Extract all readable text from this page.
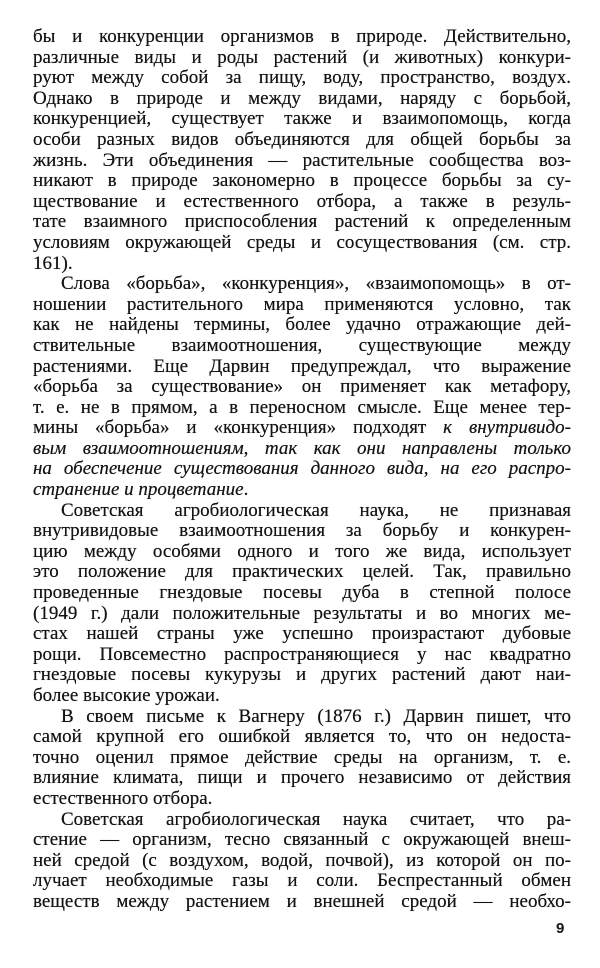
бы и конкуренции организмов в природе. Действительно,
различные виды и роды растений (и животных) конкури-
руют между собой за пищу, воду, пространство, воздух.
Однако в природе и между видами, наряду с борьбой,
конкуренцией, существует также и взаимопомощь, когда
особи разных видов объединяются для общей борьбы за
жизнь. Эти объединения — растительные сообщества воз-
никают в природе закономерно в процессе борьбы за су-
ществование и естественного отбора, а также в резуль-
тате взаимного приспособления растений к определенным
условиям окружающей среды и сосуществования (см. стр.
161).
Слова «борьба», «конкуренция», «взаимопомощь» в от-
ношении растительного мира применяются условно, так
как не найдены термины, более удачно отражающие дей-
ствительные взаимоотношения, существующие между
растениями. Еще Дарвин предупреждал, что выражение
«борьба за существование» он применяет как метафору,
т. е. не в прямом, а в переносном смысле. Еще менее тер-
мины «борьба» и «конкуренция» подходят к внутривидо-
вым взаимоотношениям, так как они направлены только
на обеспечение существования данного вида, на его распро-
странение и процветание.
Советская агробиологическая наука, не признавая
внутривидовые взаимоотношения за борьбу и конкурен-
цию между особями одного и того же вида, использует
это положение для практических целей. Так, правильно
проведенные гнездовые посевы дуба в степной полосе
(1949 г.) дали положительные результаты и во многих ме-
стах нашей страны уже успешно произрастают дубовые
рощи. Повсеместно распространяющиеся у нас квадратно
гнездовые посевы кукурузы и других растений дают наи-
более высокие урожаи.
В своем письме к Вагнеру (1876 г.) Дарвин пишет, что
самой крупной его ошибкой является то, что он недоста-
точно оценил прямое действие среды на организм, т. е.
влияние климата, пищи и прочего независимо от действия
естественного отбора.
Советская агробиологическая наука считает, что ра-
стение — организм, тесно связанный с окружающей внеш-
ней средой (с воздухом, водой, почвой), из которой он по-
лучает необходимые газы и соли. Беспрестанный обмен
веществ между растением и внешней средой — необхо-
9
